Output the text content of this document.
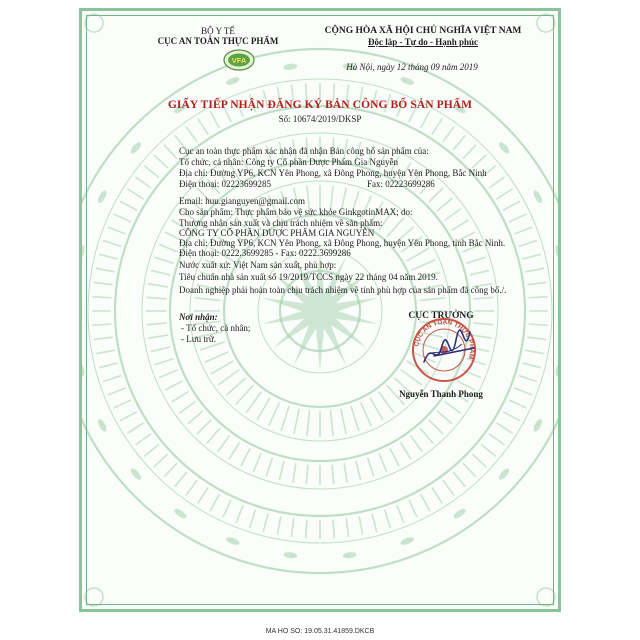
BỘ Y TẾ
CỤC AN TOÀN THỰC PHẨM
VFA
CỘNG HÒA XÃ HỘI CHỦ NGHĨA VIỆT NAM
Độc lập - Tự do - Hạnh phúc
Hà Nội, ngày 12 tháng 09 năm 2019
GIẤY TIẾP NHẬN ĐĂNG KÝ BẢN CÔNG BỐ SẢN PHẨM
Số: 10674/2019/DKSP
Cục an toàn thực phẩm xác nhận đã nhận Bản công bố sản phẩm của:
Tổ chức, cá nhân: Công ty Cổ phần Dược Phẩm Gia Nguyễn
Địa chỉ: Đường YP6, KCN Yên Phong, xã Đông Phong, huyện Yên Phong, Bắc Ninh
Điện thoại: 02223699285	Fax: 02223699286
Email: huu.gianguyen@gmail.com
Cho sản phẩm: Thực phẩm bảo vệ sức khỏe GinkgotinMAX; do:
Thương nhân sản xuất và chịu trách nhiệm về sản phẩm:
CÔNG TY CỔ PHẦN DƯỢC PHẨM GIA NGUYỄN
Địa chỉ: Đường YP6, KCN Yên Phong, xã Đông Phong, huyện Yên Phong, tỉnh Bắc Ninh.
Điện thoại: 0222.3699285 - Fax: 0222.3699286
Nước xuất xứ: Việt Nam sản xuất, phù hợp:
Tiêu chuẩn nhà sản xuất số 19/2019/TCCS ngày 22 tháng 04 năm 2019.
Doanh nghiệp phải hoàn toàn chịu trách nhiệm về tính phù hợp của sản phẩm đã công bố./.
Nơi nhận:
- Tổ chức, cá nhân;
- Lưu trữ.
CỤC TRƯỞNG
Nguyễn Thanh Phong
CỤC AN TOÀN THỰC PHẨM
MA HO SO: 19.05.31.41859.DKCB
